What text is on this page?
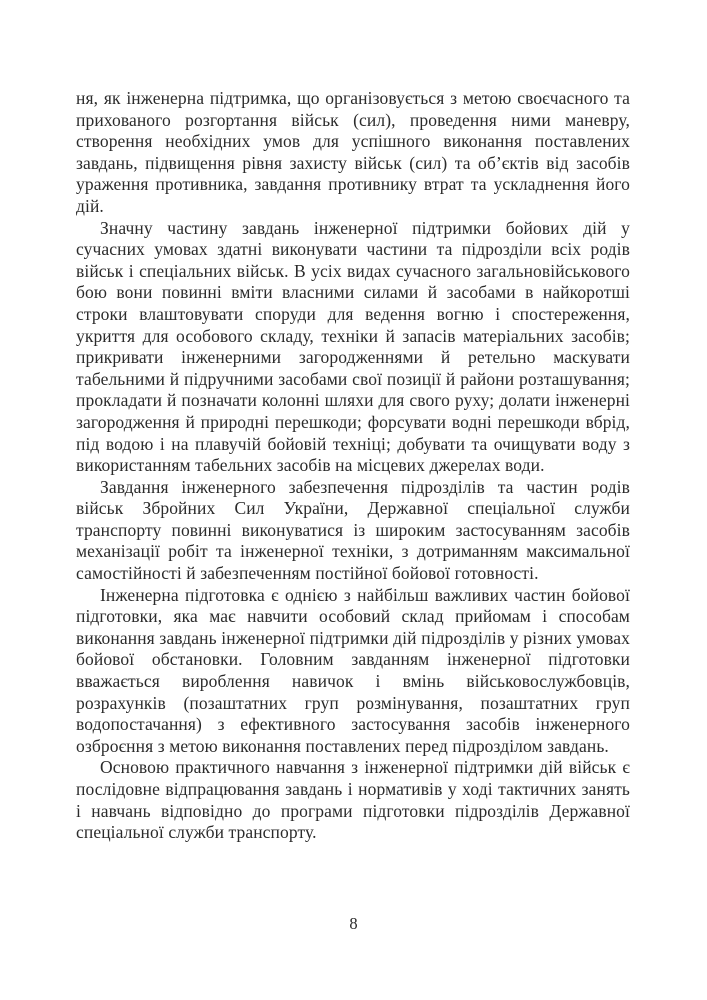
ня, як інженерна підтримка, що організовується з метою своєчасного та прихованого розгортання військ (сил), проведення ними маневру, створення необхідних умов для успішного виконання поставлених завдань, підвищення рівня захисту військ (сил) та об’єктів від засобів ураження противника, завдання противнику втрат та ускладнення його дій.

Значну частину завдань інженерної підтримки бойових дій у сучасних умовах здатні виконувати частини та підрозділи всіх родів військ і спеціальних військ. В усіх видах сучасного загальновійськового бою вони повинні вміти власними силами й засобами в найкоротші строки влаштовувати споруди для ведення вогню і спостереження, укриття для особового складу, техніки й запасів матеріальних засобів; прикривати інженерними загородженнями й ретельно маскувати табельними й підручними засобами свої позиції й райони розташування; прокладати й позначати колонні шляхи для свого руху; долати інженерні загородження й природні перешкоди; форсувати водні перешкоди вбрід, під водою і на плавучій бойовій техніці; добувати та очищувати воду з використанням табельних засобів на місцевих джерелах води.

Завдання інженерного забезпечення підрозділів та частин родів військ Збройних Сил України, Державної спеціальної служби транспорту повинні виконуватися із широким застосуванням засобів механізації робіт та інженерної техніки, з дотриманням максимальної самостійності й забезпеченням постійної бойової готовності.

Інженерна підготовка є однією з найбільш важливих частин бойової підготовки, яка має навчити особовий склад прийомам і способам виконання завдань інженерної підтримки дій підрозділів у різних умовах бойової обстановки. Головним завданням інженерної підготовки вважається вироблення навичок і вмінь військовослужбовців, розрахунків (позаштатних груп розмінування, позаштатних груп водопостачання) з ефективного застосування засобів інженерного озброєння з метою виконання поставлених перед підрозділом завдань.

Основою практичного навчання з інженерної підтримки дій військ є послідовне відпрацювання завдань і нормативів у ході тактичних занять і навчань відповідно до програми підготовки підрозділів Державної спеціальної служби транспорту.

8
